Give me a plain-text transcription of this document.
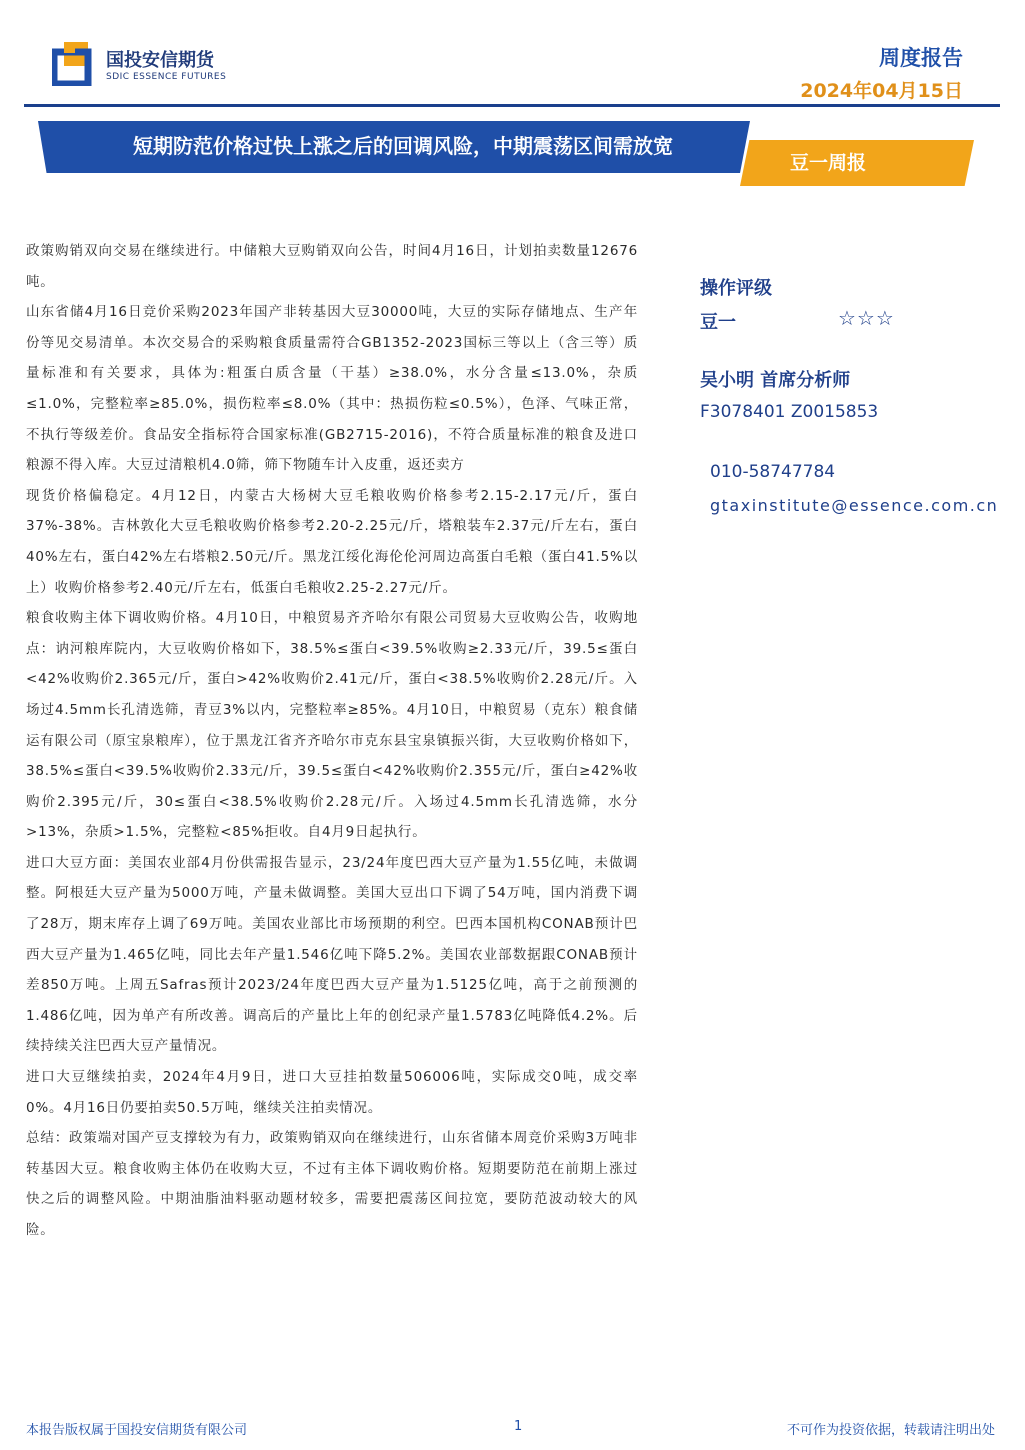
国投安信期货
SDIC ESSENCE FUTURES
周度报告
2024年04月15日
短期防范价格过快上涨之后的回调风险，中期震荡区间需放宽
豆一周报

政策购销双向交易在继续进行。中储粮大豆购销双向公告，时间4月16日，计划拍卖数量12676吨。

山东省储4月16日竞价采购2023年国产非转基因大豆30000吨，大豆的实际存储地点、生产年份等见交易清单。本次交易合的采购粮食质量需符合GB1352-2023国标三等以上（含三等）质量标准和有关要求，具体为:粗蛋白质含量（干基）≥38.0%，水分含量≤13.0%，杂质≤1.0%，完整粒率≥85.0%，损伤粒率≤8.0%（其中：热损伤粒≤0.5%），色泽、气味正常，不执行等级差价。食品安全指标符合国家标准(GB2715-2016)，不符合质量标准的粮食及进口粮源不得入库。大豆过清粮机4.0筛，筛下物随车计入皮重，返还卖方

现货价格偏稳定。4月12日，内蒙古大杨树大豆毛粮收购价格参考2.15-2.17元/斤，蛋白37%-38%。吉林敦化大豆毛粮收购价格参考2.20-2.25元/斤，塔粮装车2.37元/斤左右，蛋白40%左右，蛋白42%左右塔粮2.50元/斤。黑龙江绥化海伦伦河周边高蛋白毛粮（蛋白41.5%以上）收购价格参考2.40元/斤左右，低蛋白毛粮收2.25-2.27元/斤。

粮食收购主体下调收购价格。4月10日，中粮贸易齐齐哈尔有限公司贸易大豆收购公告，收购地点：讷河粮库院内，大豆收购价格如下，38.5%≤蛋白<39.5%收购≥2.33元/斤，39.5≤蛋白<42%收购价2.365元/斤，蛋白>42%收购价2.41元/斤，蛋白<38.5%收购价2.28元/斤。入场过4.5mm长孔清选筛，青豆3%以内，完整粒率≥85%。4月10日，中粮贸易（克东）粮食储运有限公司（原宝泉粮库），位于黑龙江省齐齐哈尔市克东县宝泉镇振兴街，大豆收购价格如下，38.5%≤蛋白<39.5%收购价2.33元/斤，39.5≤蛋白<42%收购价2.355元/斤，蛋白≥42%收购价2.395元/斤，30≤蛋白<38.5%收购价2.28元/斤。入场过4.5mm长孔清选筛，水分>13%，杂质>1.5%，完整粒<85%拒收。自4月9日起执行。

进口大豆方面：美国农业部4月份供需报告显示，23/24年度巴西大豆产量为1.55亿吨，未做调整。阿根廷大豆产量为5000万吨，产量未做调整。美国大豆出口下调了54万吨，国内消费下调了28万，期末库存上调了69万吨。美国农业部比市场预期的利空。巴西本国机构CONAB预计巴西大豆产量为1.465亿吨，同比去年产量1.546亿吨下降5.2%。美国农业部数据跟CONAB预计差850万吨。上周五Safras预计2023/24年度巴西大豆产量为1.5125亿吨，高于之前预测的1.486亿吨，因为单产有所改善。调高后的产量比上年的创纪录产量1.5783亿吨降低4.2%。后续持续关注巴西大豆产量情况。

进口大豆继续拍卖，2024年4月9日，进口大豆挂拍数量506006吨，实际成交0吨，成交率0%。4月16日仍要拍卖50.5万吨，继续关注拍卖情况。

总结：政策端对国产豆支撑较为有力，政策购销双向在继续进行，山东省储本周竞价采购3万吨非转基因大豆。粮食收购主体仍在收购大豆，不过有主体下调收购价格。短期要防范在前期上涨过快之后的调整风险。中期油脂油料驱动题材较多，需要把震荡区间拉宽，要防范波动较大的风险。

操作评级
豆一	☆☆☆
吴小明 首席分析师
F3078401 Z0015853
010-58747784
gtaxinstitute@essence.com.cn
本报告版权属于国投安信期货有限公司	1	不可作为投资依据，转载请注明出处
